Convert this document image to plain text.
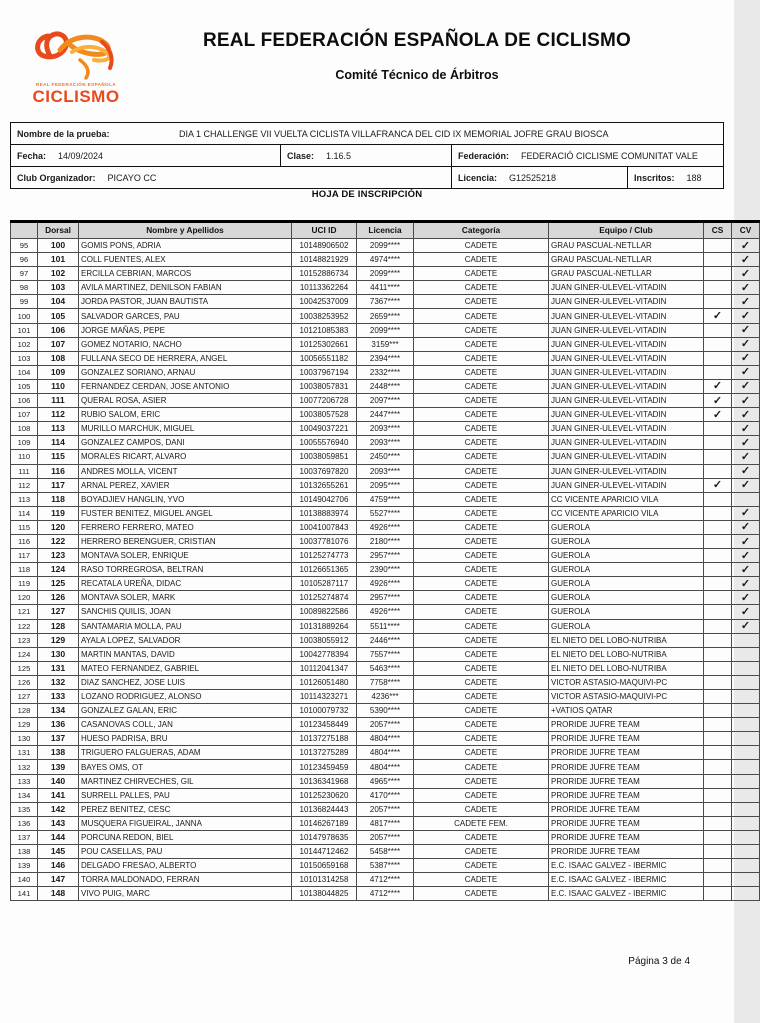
REAL FEDERACIÓN ESPAÑOLA
CICLISMO
REAL FEDERACIÓN ESPAÑOLA DE CICLISMO
Comité Técnico de Árbitros
Nombre de la prueba:	DIA 1 CHALLENGE VII VUELTA CICLISTA VILLAFRANCA DEL CID IX MEMORIAL JOFRE GRAU BIOSCA
Fecha: 14/09/2024	Clase: 1.16.5	Federación: FEDERACIÓ CICLISME COMUNITAT VALE
Club Organizador: PICAYO CC	Licencia: G12525218	Inscritos: 188
HOJA DE INSCRIPCIÓN
	Dorsal	Nombre y Apellidos	UCI ID	Licencia	Categoría	Equipo / Club	CS	CV
95	100	GOMIS PONS, ADRIA	10148906502	2099****	CADETE	GRAU PASCUAL-NETLLAR		✓
96	101	COLL FUENTES, ALEX	10148821929	4974****	CADETE	GRAU PASCUAL-NETLLAR		✓
97	102	ERCILLA CEBRIAN, MARCOS	10152886734	2099****	CADETE	GRAU PASCUAL-NETLLAR		✓
98	103	AVILA MARTINEZ, DENILSON FABIAN	10113362264	4411****	CADETE	JUAN GINER-ULEVEL-VITADIN		✓
99	104	JORDA PASTOR, JUAN BAUTISTA	10042537009	7367****	CADETE	JUAN GINER-ULEVEL-VITADIN		✓
100	105	SALVADOR GARCES, PAU	10038253952	2659****	CADETE	JUAN GINER-ULEVEL-VITADIN	✓	✓
101	106	JORGE MAÑAS, PEPE	10121085383	2099****	CADETE	JUAN GINER-ULEVEL-VITADIN		✓
102	107	GOMEZ NOTARIO, NACHO	10125302661	3159***	CADETE	JUAN GINER-ULEVEL-VITADIN		✓
103	108	FULLANA SECO DE HERRERA, ANGEL	10056551182	2394****	CADETE	JUAN GINER-ULEVEL-VITADIN		✓
104	109	GONZALEZ SORIANO, ARNAU	10037967194	2332****	CADETE	JUAN GINER-ULEVEL-VITADIN		✓
105	110	FERNANDEZ CERDAN, JOSE ANTONIO	10038057831	2448****	CADETE	JUAN GINER-ULEVEL-VITADIN	✓	✓
106	111	QUERAL ROSA, ASIER	10077206728	2097****	CADETE	JUAN GINER-ULEVEL-VITADIN	✓	✓
107	112	RUBIO SALOM, ERIC	10038057528	2447****	CADETE	JUAN GINER-ULEVEL-VITADIN	✓	✓
108	113	MURILLO MARCHUK, MIGUEL	10049037221	2093****	CADETE	JUAN GINER-ULEVEL-VITADIN		✓
109	114	GONZALEZ CAMPOS, DANI	10055576940	2093****	CADETE	JUAN GINER-ULEVEL-VITADIN		✓
110	115	MORALES RICART, ALVARO	10038059851	2450****	CADETE	JUAN GINER-ULEVEL-VITADIN		✓
111	116	ANDRES MOLLA, VICENT	10037697820	2093****	CADETE	JUAN GINER-ULEVEL-VITADIN		✓
112	117	ARNAL PEREZ, XAVIER	10132655261	2095****	CADETE	JUAN GINER-ULEVEL-VITADIN	✓	✓
113	118	BOYADJIEV HANGLIN, YVO	10149042706	4759****	CADETE	CC VICENTE APARICIO VILA		
114	119	FUSTER BENITEZ, MIGUEL ANGEL	10138883974	5527****	CADETE	CC VICENTE APARICIO VILA		✓
115	120	FERRERO FERRERO, MATEO	10041007843	4926****	CADETE	GUEROLA		✓
116	122	HERRERO BERENGUER, CRISTIAN	10037781076	2180****	CADETE	GUEROLA		✓
117	123	MONTAVA SOLER, ENRIQUE	10125274773	2957****	CADETE	GUEROLA		✓
118	124	RASO TORREGROSA, BELTRAN	10126651365	2390****	CADETE	GUEROLA		✓
119	125	RECATALA UREÑA, DIDAC	10105287117	4926****	CADETE	GUEROLA		✓
120	126	MONTAVA SOLER, MARK	10125274874	2957****	CADETE	GUEROLA		✓
121	127	SANCHIS QUILIS, JOAN	10089822586	4926****	CADETE	GUEROLA		✓
122	128	SANTAMARIA MOLLA, PAU	10131889264	5511****	CADETE	GUEROLA		✓
123	129	AYALA LOPEZ, SALVADOR	10038055912	2446****	CADETE	EL NIETO DEL LOBO-NUTRIBA		
124	130	MARTIN MANTAS, DAVID	10042778394	7557****	CADETE	EL NIETO DEL LOBO-NUTRIBA		
125	131	MATEO FERNANDEZ, GABRIEL	10112041347	5463****	CADETE	EL NIETO DEL LOBO-NUTRIBA		
126	132	DIAZ SANCHEZ, JOSE LUIS	10126051480	7758****	CADETE	VICTOR ASTASIO-MAQUIVI-PC		
127	133	LOZANO RODRIGUEZ, ALONSO	10114323271	4236***	CADETE	VICTOR ASTASIO-MAQUIVI-PC		
128	134	GONZALEZ GALAN, ERIC	10100079732	5390****	CADETE	+VATIOS QATAR		
129	136	CASANOVAS COLL, JAN	10123458449	2057****	CADETE	PRORIDE JUFRE TEAM		
130	137	HUESO PADRISA, BRU	10137275188	4804****	CADETE	PRORIDE JUFRE TEAM		
131	138	TRIGUERO FALGUERAS, ADAM	10137275289	4804****	CADETE	PRORIDE JUFRE TEAM		
132	139	BAYES OMS, OT	10123459459	4804****	CADETE	PRORIDE JUFRE TEAM		
133	140	MARTINEZ CHIRVECHES, GIL	10136341968	4965****	CADETE	PRORIDE JUFRE TEAM		
134	141	SURRELL PALLES, PAU	10125230620	4170****	CADETE	PRORIDE JUFRE TEAM		
135	142	PEREZ BENITEZ, CESC	10136824443	2057****	CADETE	PRORIDE JUFRE TEAM		
136	143	MUSQUERA FIGUEIRAL, JANNA	10146267189	4817****	CADETE FEM.	PRORIDE JUFRE TEAM		
137	144	PORCUNA REDON, BIEL	10147978635	2057****	CADETE	PRORIDE JUFRE TEAM		
138	145	POU CASELLAS, PAU	10144712462	5458****	CADETE	PRORIDE JUFRE TEAM		
139	146	DELGADO FRESAO, ALBERTO	10150659168	5387****	CADETE	E.C. ISAAC GALVEZ - IBERMIC		
140	147	TORRA MALDONADO, FERRAN	10101314258	4712****	CADETE	E.C. ISAAC GALVEZ - IBERMIC		
141	148	VIVO PUIG, MARC	10138044825	4712****	CADETE	E.C. ISAAC GALVEZ - IBERMIC		
Página 3 de 4
